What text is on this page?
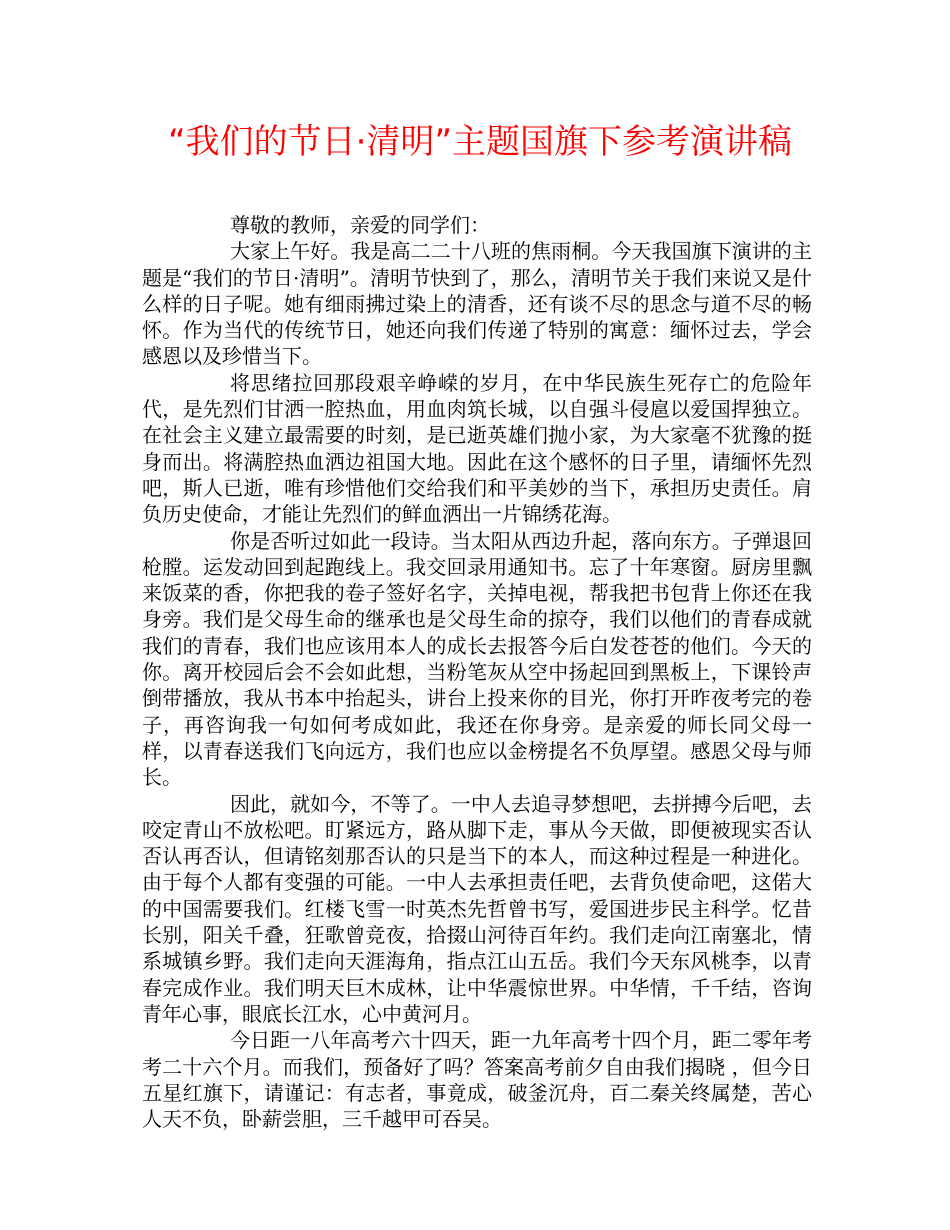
“我们的节日·清明”主题国旗下参考演讲稿

尊敬的教师，亲爱的同学们：

大家上午好。我是高二二十八班的焦雨桐。今天我国旗下演讲的主题是“我们的节日·清明”。清明节快到了，那么，清明节关于我们来说又是什么样的日子呢。她有细雨拂过染上的清香，还有谈不尽的思念与道不尽的畅怀。作为当代的传统节日，她还向我们传递了特别的寓意：缅怀过去，学会感恩以及珍惜当下。

将思绪拉回那段艰辛峥嵘的岁月，在中华民族生死存亡的危险年代，是先烈们甘洒一腔热血，用血肉筑长城，以自强斗侵扈以爱国捍独立。在社会主义建立最需要的时刻，是已逝英雄们抛小家，为大家毫不犹豫的挺身而出。将满腔热血洒边祖国大地。因此在这个感怀的日子里，请缅怀先烈吧，斯人已逝，唯有珍惜他们交给我们和平美妙的当下，承担历史责任。肩负历史使命，才能让先烈们的鲜血洒出一片锦绣花海。

你是否听过如此一段诗。当太阳从西边升起，落向东方。子弹退回枪膛。运发动回到起跑线上。我交回录用通知书。忘了十年寒窗。厨房里飘来饭菜的香，你把我的卷子签好名字，关掉电视，帮我把书包背上你还在我身旁。我们是父母生命的继承也是父母生命的掠夺，我们以他们的青春成就我们的青春，我们也应该用本人的成长去报答今后白发苍苍的他们。今天的你。离开校园后会不会如此想，当粉笔灰从空中扬起回到黑板上，下课铃声倒带播放，我从书本中抬起头，讲台上投来你的目光，你打开昨夜考完的卷子，再咨询我一句如何考成如此，我还在你身旁。是亲爱的师长同父母一样，以青春送我们飞向远方，我们也应以金榜提名不负厚望。感恩父母与师长。

因此，就如今，不等了。一中人去追寻梦想吧，去拼搏今后吧，去咬定青山不放松吧。盯紧远方，路从脚下走，事从今天做，即便被现实否认否认再否认，但请铭刻那否认的只是当下的本人，而这种过程是一种进化。由于每个人都有变强的可能。一中人去承担责任吧，去背负使命吧，这偌大的中国需要我们。红楼飞雪一时英杰先哲曾书写，爱国进步民主科学。忆昔长别，阳关千叠，狂歌曾竞夜，拾掇山河待百年约。我们走向江南塞北，情系城镇乡野。我们走向天涯海角，指点江山五岳。我们今天东风桃李，以青春完成作业。我们明天巨木成林，让中华震惊世界。中华情，千千结，咨询青年心事，眼底长江水，心中黄河月。

今日距一八年高考六十四天，距一九年高考十四个月，距二零年考考二十六个月。而我们，预备好了吗？答案高考前夕自由我们揭晓 ，但今日五星红旗下，请谨记：有志者，事竟成，破釜沉舟，百二秦关终属楚，苦心人天不负，卧薪尝胆，三千越甲可吞吴。
